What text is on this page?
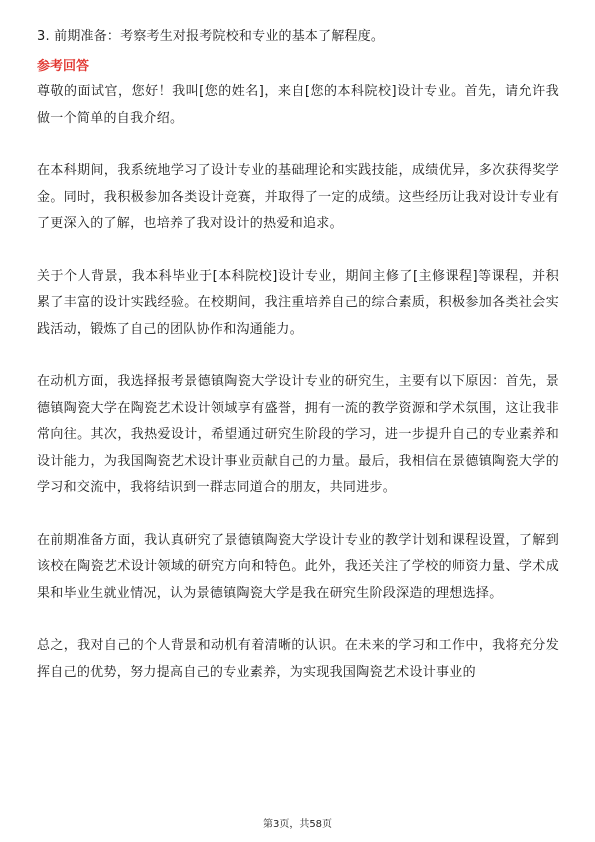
3. 前期准备：考察考生对报考院校和专业的基本了解程度。
参考回答
尊敬的面试官，您好！我叫[您的姓名]，来自[您的本科院校]设计专业。首先，请允许我做一个简单的自我介绍。
在本科期间，我系统地学习了设计专业的基础理论和实践技能，成绩优异，多次获得奖学金。同时，我积极参加各类设计竞赛，并取得了一定的成绩。这些经历让我对设计专业有了更深入的了解，也培养了我对设计的热爱和追求。
关于个人背景，我本科毕业于[本科院校]设计专业，期间主修了[主修课程]等课程，并积累了丰富的设计实践经验。在校期间，我注重培养自己的综合素质，积极参加各类社会实践活动，锻炼了自己的团队协作和沟通能力。
在动机方面，我选择报考景德镇陶瓷大学设计专业的研究生，主要有以下原因：首先，景德镇陶瓷大学在陶瓷艺术设计领域享有盛誉，拥有一流的教学资源和学术氛围，这让我非常向往。其次，我热爱设计，希望通过研究生阶段的学习，进一步提升自己的专业素养和设计能力，为我国陶瓷艺术设计事业贡献自己的力量。最后，我相信在景德镇陶瓷大学的学习和交流中，我将结识到一群志同道合的朋友，共同进步。
在前期准备方面，我认真研究了景德镇陶瓷大学设计专业的教学计划和课程设置，了解到该校在陶瓷艺术设计领域的研究方向和特色。此外，我还关注了学校的师资力量、学术成果和毕业生就业情况，认为景德镇陶瓷大学是我在研究生阶段深造的理想选择。
总之，我对自己的个人背景和动机有着清晰的认识。在未来的学习和工作中，我将充分发挥自己的优势，努力提高自己的专业素养，为实现我国陶瓷艺术设计事业的
第3页，共58页
